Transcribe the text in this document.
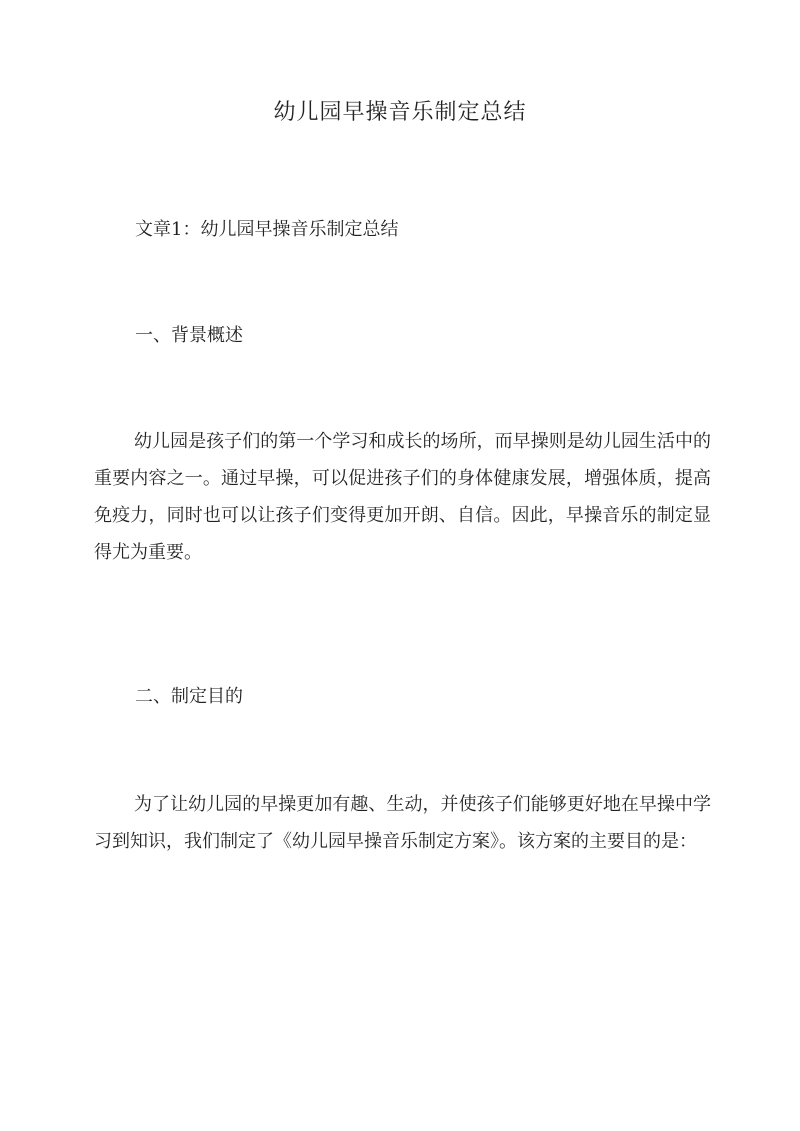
幼儿园早操音乐制定总结
文章1：幼儿园早操音乐制定总结
一、背景概述

幼儿园是孩子们的第一个学习和成长的场所，而早操则是幼儿园生活中的重要内容之一。通过早操，可以促进孩子们的身体健康发展，增强体质，提高免疫力，同时也可以让孩子们变得更加开朗、自信。因此，早操音乐的制定显得尤为重要。

二、制定目的

为了让幼儿园的早操更加有趣、生动，并使孩子们能够更好地在早操中学习到知识，我们制定了《幼儿园早操音乐制定方案》。该方案的主要目的是：
